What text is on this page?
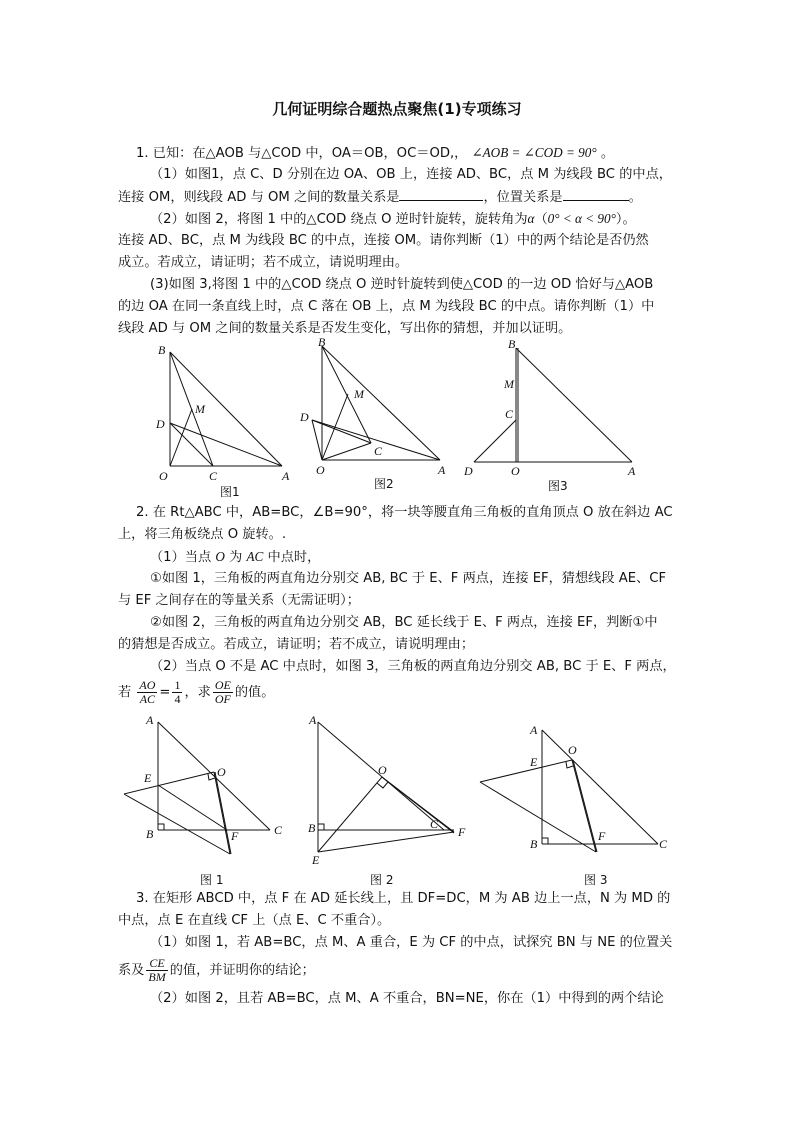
几何证明综合题热点聚焦(1)专项练习
1. 已知：在△AOB 与△COD 中，OA＝OB，OC＝OD,， ∠AOB = ∠COD = 90° 。
（1）如图1，点 C、D 分别在边 OA、OB 上，连接 AD、BC，点 M 为线段 BC 的中点，
连接 OM，则线段 AD 与 OM 之间的数量关系是	，位置关系是	。
（2）如图 2，将图 1 中的△COD 绕点 O 逆时针旋转，旋转角为α（0° < α < 90°）。
连接 AD、BC，点 M 为线段 BC 的中点，连接 OM。请你判断（1）中的两个结论是否仍然
成立。若成立，请证明；若不成立，请说明理由。
(3)如图 3,将图 1 中的△COD 绕点 O 逆时针旋转到使△COD 的一边 OD 恰好与△AOB
的边 OA 在同一条直线上时，点 C 落在 OB 上，点 M 为线段 BC 的中点。请你判断（1）中
线段 AD 与 OM 之间的数量关系是否发生变化，写出你的猜想，并加以证明。
B
D
M
O	C	A
图1
B
D
M
O
C
A
图2
B
M
C
D	O	A
图3
2. 在 Rt△ABC 中，AB=BC，∠B=90°，将一块等腰直角三角板的直角顶点 O 放在斜边 AC
上，将三角板绕点 O 旋转。.
（1）当点 O 为 AC 中点时，
①如图 1，三角板的两直角边分别交 AB, BC 于 E、F 两点，连接 EF，猜想线段 AE、CF
与 EF 之间存在的等量关系（无需证明）；
②如图 2，三角板的两直角边分别交 AB，BC 延长线于 E、F 两点，连接 EF，判断①中
的猜想是否成立。若成立，请证明；若不成立，请说明理由；
（2）当点 O 不是 AC 中点时，如图 3，三角板的两直角边分别交 AB, BC 于 E、F 两点，
若 $\frac{AO}{AC} = \frac{1}{4}$ ，求 $\frac{OE}{OF}$ 的值。
A
E	O
B	F	C
图 1
A
O
B	C
F
E
图 2
A
O
E
B
F
C
图 3
3. 在矩形 ABCD 中，点 F 在 AD 延长线上，且 DF=DC，M 为 AB 边上一点，N 为 MD 的
中点，点 E 在直线 CF 上（点 E、C 不重合）。
（1）如图 1，若 AB=BC，点 M、A 重合，E 为 CF 的中点，试探究 BN 与 NE 的位置关
系及 $\frac{CE}{BM}$ 的值，并证明你的结论；
（2）如图 2，且若 AB=BC，点 M、A 不重合，BN=NE，你在（1）中得到的两个结论
